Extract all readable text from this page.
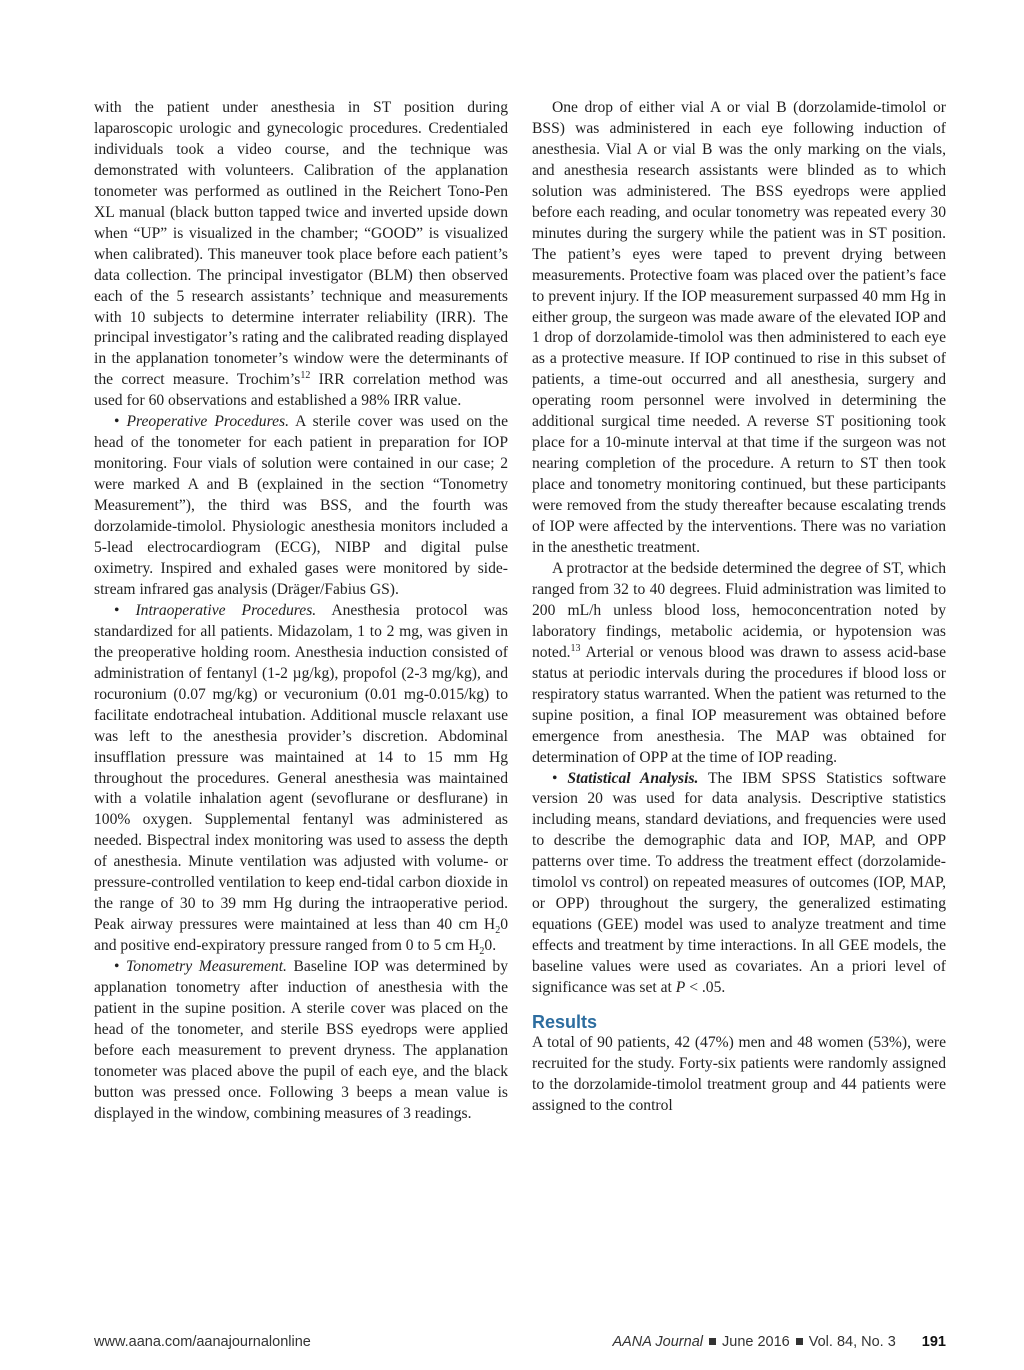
with the patient under anesthesia in ST position during laparoscopic urologic and gynecologic procedures. Credentialed individuals took a video course, and the technique was demonstrated with volunteers. Calibration of the applanation tonometer was performed as outlined in the Reichert Tono-Pen XL manual (black button tapped twice and inverted upside down when “UP” is visualized in the chamber; “GOOD” is visualized when calibrated). This maneuver took place before each patient’s data collection. The principal investigator (BLM) then observed each of the 5 research assistants’ technique and measurements with 10 subjects to determine interrater reliability (IRR). The principal investigator’s rating and the calibrated reading displayed in the applanation tonometer’s window were the determinants of the correct measure. $Trochim’s^{12}$ IRR correlation method was used for 60 observations and established a 98% IRR value.

• Preoperative Procedures. A sterile cover was used on the head of the tonometer for each patient in preparation for IOP monitoring. Four vials of solution were contained in our case; 2 were marked A and B (explained in the section “Tonometry Measurement”), the third was BSS, and the fourth was dorzolamide-timolol. Physiologic anesthesia monitors included a 5-lead electrocardiogram (ECG), NIBP and digital pulse oximetry. Inspired and exhaled gases were monitored by side-stream infrared gas analysis (Dräger/Fabius GS).

• Intraoperative Procedures. Anesthesia protocol was standardized for all patients. Midazolam, 1 to 2 mg, was given in the preoperative holding room. Anesthesia induction consisted of administration of fentanyl (1-2 µg/kg), propofol (2-3 mg/kg), and rocuronium (0.07 mg/kg) or vecuronium (0.01 mg-0.015/kg) to facilitate endotracheal intubation. Additional muscle relaxant use was left to the anesthesia provider’s discretion. Abdominal insufflation pressure was maintained at 14 to 15 mm Hg throughout the procedures. General anesthesia was maintained with a volatile inhalation agent (sevoflurane or desflurane) in 100% oxygen. Supplemental fentanyl was administered as needed. Bispectral index monitoring was used to assess the depth of anesthesia. Minute ventilation was adjusted with volume- or pressure-controlled ventilation to keep end-tidal carbon dioxide in the range of 30 to 39 mm Hg during the intraoperative period. Peak airway pressures were maintained at less than 40 cm $H_20$ and positive end-expiratory pressure ranged from 0 to 5 cm $H_20$.

• Tonometry Measurement. Baseline IOP was determined by applanation tonometry after induction of anesthesia with the patient in the supine position. A sterile cover was placed on the head of the tonometer, and sterile BSS eyedrops were applied before each measurement to prevent dryness. The applanation tonometer was placed above the pupil of each eye, and the black button was pressed once. Following 3 beeps a mean value is displayed in the window, combining measures of 3 readings.

One drop of either vial A or vial B (dorzolamide-timolol or BSS) was administered in each eye following induction of anesthesia. Vial A or vial B was the only marking on the vials, and anesthesia research assistants were blinded as to which solution was administered. The BSS eyedrops were applied before each reading, and ocular tonometry was repeated every 30 minutes during the surgery while the patient was in ST position. The patient’s eyes were taped to prevent drying between measurements. Protective foam was placed over the patient’s face to prevent injury. If the IOP measurement surpassed 40 mm Hg in either group, the surgeon was made aware of the elevated IOP and 1 drop of dorzolamide-timolol was then administered to each eye as a protective measure. If IOP continued to rise in this subset of patients, a time-out occurred and all anesthesia, surgery and operating room personnel were involved in determining the additional surgical time needed. A reverse ST positioning took place for a 10-minute interval at that time if the surgeon was not nearing completion of the procedure. A return to ST then took place and tonometry monitoring continued, but these participants were removed from the study thereafter because escalating trends of IOP were affected by the interventions. There was no variation in the anesthetic treatment.

A protractor at the bedside determined the degree of ST, which ranged from 32 to 40 degrees. Fluid administration was limited to 200 mL/h unless blood loss, hemoconcentration noted by laboratory findings, metabolic acidemia, or hypotension was noted.$^{13}$ Arterial or venous blood was drawn to assess acid-base status at periodic intervals during the procedures if blood loss or respiratory status warranted. When the patient was returned to the supine position, a final IOP measurement was obtained before emergence from anesthesia. The MAP was obtained for determination of OPP at the time of IOP reading.

• Statistical Analysis. The IBM SPSS Statistics software version 20 was used for data analysis. Descriptive statistics including means, standard deviations, and frequencies were used to describe the demographic data and IOP, MAP, and OPP patterns over time. To address the treatment effect (dorzolamide-timolol vs control) on repeated measures of outcomes (IOP, MAP, or OPP) throughout the surgery, the generalized estimating equations (GEE) model was used to analyze treatment and time effects and treatment by time interactions. In all GEE models, the baseline values were used as covariates. An a priori level of significance was set at P < .05.

Results

A total of 90 patients, 42 (47%) men and 48 women (53%), were recruited for the study. Forty-six patients were randomly assigned to the dorzolamide-timolol treatment group and 44 patients were assigned to the control

www.aana.com/aanajournalonline	AANA Journal June 2016 Vol. 84, No. 3 191
